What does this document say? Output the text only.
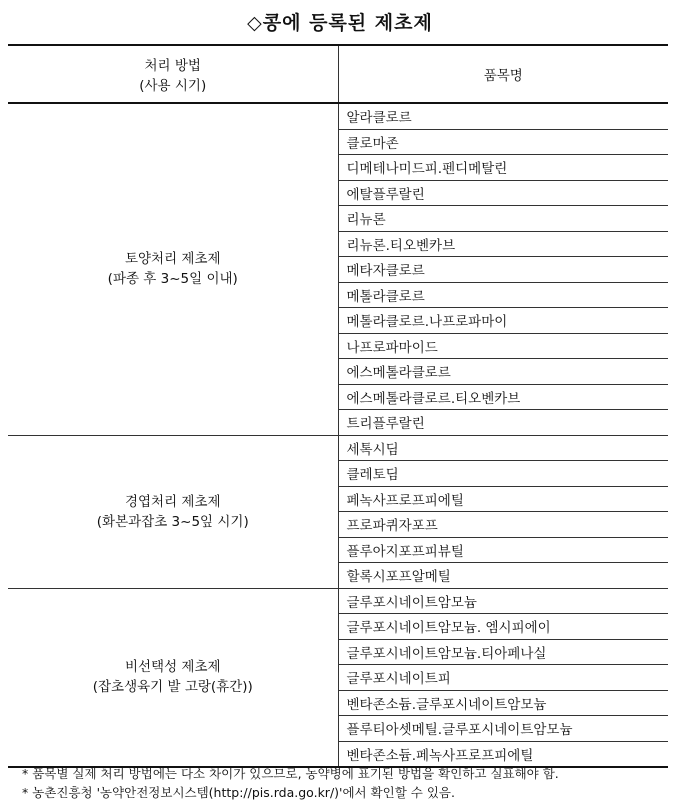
◇콩에 등록된 제초제
처리 방법
(사용 시기)	품목명

토양처리 제초제
(파종 후 3~5일 이내)	알라클로르
	클로마존
	디메테나미드피.펜디메탈린
	에탈플루랄린
	리뉴론
	리뉴론.티오벤카브
	메타자클로르
	메톨라클로르
	메톨라클로르.나프로파마이
	나프로파마이드
	에스메톨라클로르
	에스메톨라클로르.티오벤카브
	트리플루랄린

경엽처리 제초제
(화본과잡초 3~5잎 시기)	세톡시딤
	클레토딤
	페녹사프로프피에틸
	프로파퀴자포프
	플루아지포프피뷰틸
	할록시포프알메틸

비선택성 제초제
(잡초생육기 발 고랑(휴간))	글루포시네이트암모늄
	글루포시네이트암모늄. 엠시피에이
	글루포시네이트암모늄.티아페나실
	글루포시네이트피
	벤타존소듐.글루포시네이트암모늄
	플루티아셋메틸.글루포시네이트암모늄
	벤타존소듐.페녹사프로프피에틸
* 품목별 실제 처리 방법에는 다소 차이가 있으므로, 농약병에 표기된 방법을 확인하고 실표해야 함.
* 농촌진흥청 '농약안전정보시스템(http://pis.rda.go.kr/)'에서 확인할 수 있음.
